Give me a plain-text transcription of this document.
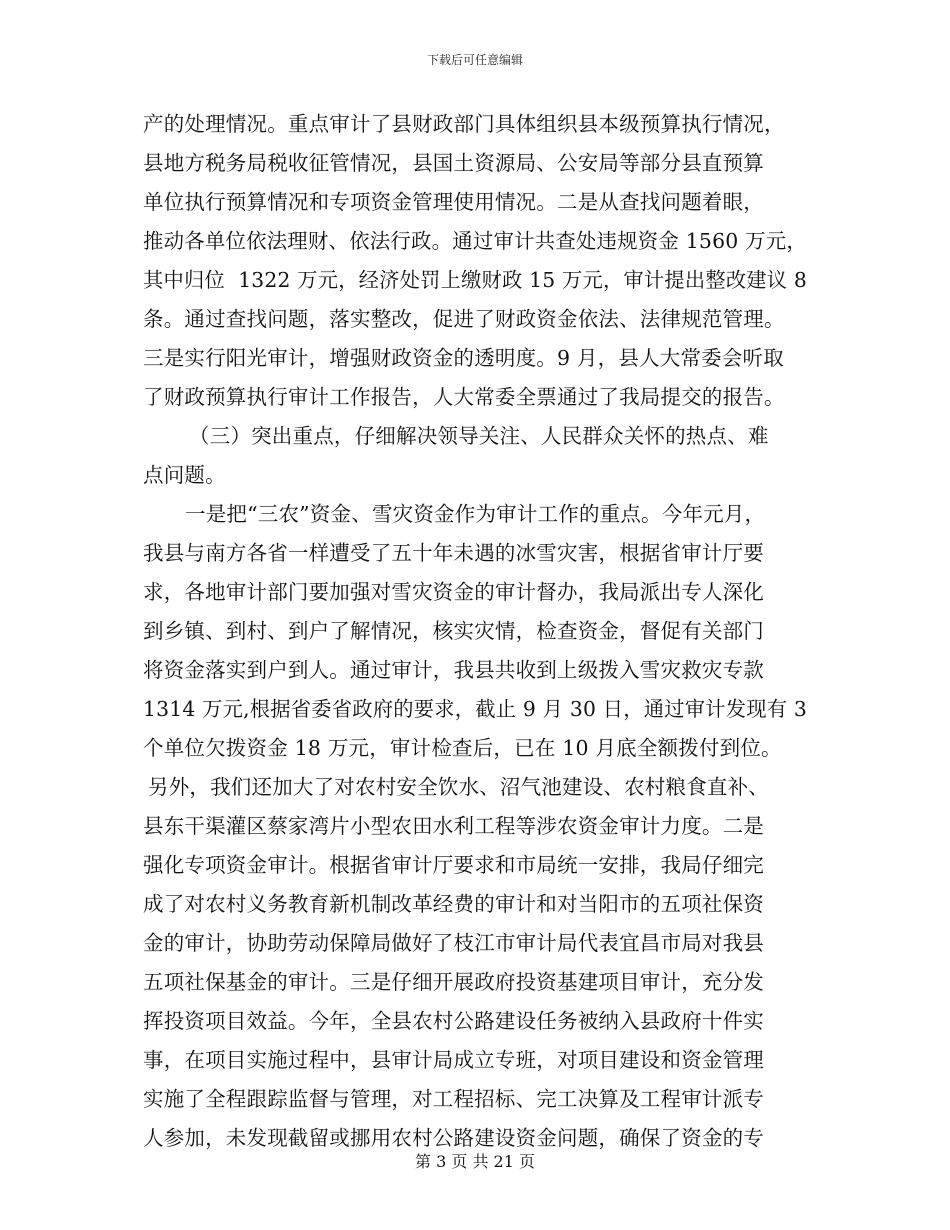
下载后可任意编辑
产的处理情况。重点审计了县财政部门具体组织县本级预算执行情况，
县地方税务局税收征管情况，县国土资源局、公安局等部分县直预算
单位执行预算情况和专项资金管理使用情况。二是从查找问题着眼，
推动各单位依法理财、依法行政。通过审计共查处违规资金 1560 万元，
其中归位  1322 万元，经济处罚上缴财政 15 万元，审计提出整改建议 8
条。通过查找问题，落实整改，促进了财政资金依法、法律规范管理。
三是实行阳光审计，增强财政资金的透明度。9 月，县人大常委会听取
了财政预算执行审计工作报告，人大常委全票通过了我局提交的报告。
（三）突出重点，仔细解决领导关注、人民群众关怀的热点、难
点问题。
一是把“三农”资金、雪灾资金作为审计工作的重点。今年元月，
我县与南方各省一样遭受了五十年未遇的冰雪灾害，根据省审计厅要
求，各地审计部门要加强对雪灾资金的审计督办，我局派出专人深化
到乡镇、到村、到户了解情况，核实灾情，检查资金，督促有关部门
将资金落实到户到人。通过审计，我县共收到上级拨入雪灾救灾专款
1314 万元,根据省委省政府的要求，截止 9 月 30 日，通过审计发现有 3
个单位欠拨资金 18 万元，审计检查后，已在 10 月底全额拨付到位。
另外，我们还加大了对农村安全饮水、沼气池建设、农村粮食直补、
县东干渠灌区蔡家湾片小型农田水利工程等涉农资金审计力度。二是
强化专项资金审计。根据省审计厅要求和市局统一安排，我局仔细完
成了对农村义务教育新机制改革经费的审计和对当阳市的五项社保资
金的审计，协助劳动保障局做好了枝江市审计局代表宜昌市局对我县
五项社保基金的审计。三是仔细开展政府投资基建项目审计，充分发
挥投资项目效益。今年，全县农村公路建设任务被纳入县政府十件实
事，在项目实施过程中，县审计局成立专班，对项目建设和资金管理
实施了全程跟踪监督与管理，对工程招标、完工决算及工程审计派专
人参加，未发现截留或挪用农村公路建设资金问题，确保了资金的专
第 3 页 共 21 页
